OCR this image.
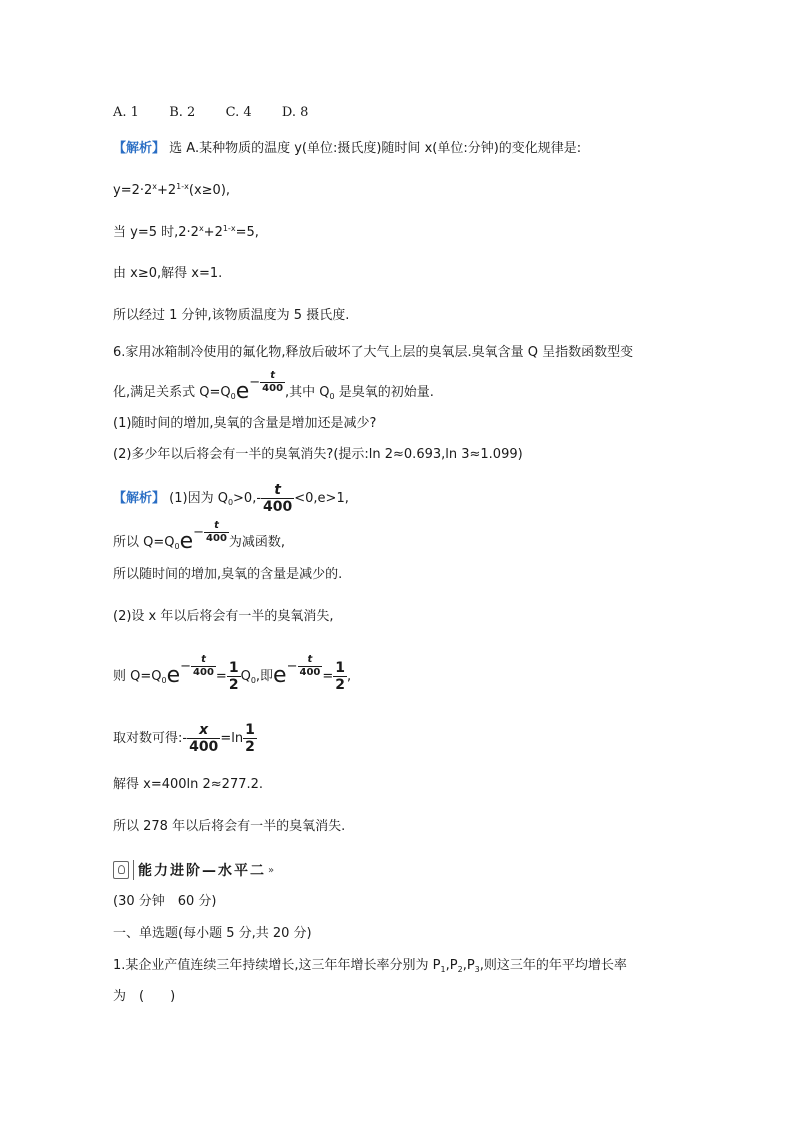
A. 1 B. 2 C. 4 D. 8
【解析】 选 A.某种物质的温度 y(单位:摄氏度)随时间 x(单位:分钟)的变化规律是:
$y=2\cdot 2^x+2^{1-x}(x\ge 0)$,
当 y=5 时$,2\cdot 2^x+2^{1-x}=5$,
由 x≥0,解得 x=1.
所以经过 1 分钟,该物质温度为 5 摄氏度.
6.家用冰箱制冷使用的氟化物,释放后破坏了大气上层的臭氧层.臭氧含量 Q 呈指数函数型变
化,满足关系式 $Q=Q_0e- \frac{t}{400}$ ,其中 $Q_0$ 是臭氧的初始量.
(1)随时间的增加,臭氧的含量是增加还是减少?
(2)多少年以后将会有一半的臭氧消失?(提示:ln 2≈0.693,ln 3≈1.099)
【解析】 (1)因为 $Q_0>0,- \frac{t}{400} <0,e>1$,
所以 $Q=Q_0e- \frac{t}{400}$ 为减函数,
所以随时间的增加,臭氧的含量是减少的.
(2)设 x 年以后将会有一半的臭氧消失,
则 $Q=Q_0e- \frac{t}{400} = \frac{1}{2} Q_0$,即$e- \frac{t}{400} = \frac{1}{2}$ ,
取对数可得:- $\frac{x}{400} =\ln \frac{1}{2}$
解得 x=400ln 2≈277.2.
所以 278 年以后将会有一半的臭氧消失.
能力进阶—水平二 »
(30 分钟　60 分)
一、单选题(每小题 5 分,共 20 分)
1.某企业产值连续三年持续增长,这三年年增长率分别为 $P_1,P_2,P_3$,则这三年的年平均增长率
为　(　　)
